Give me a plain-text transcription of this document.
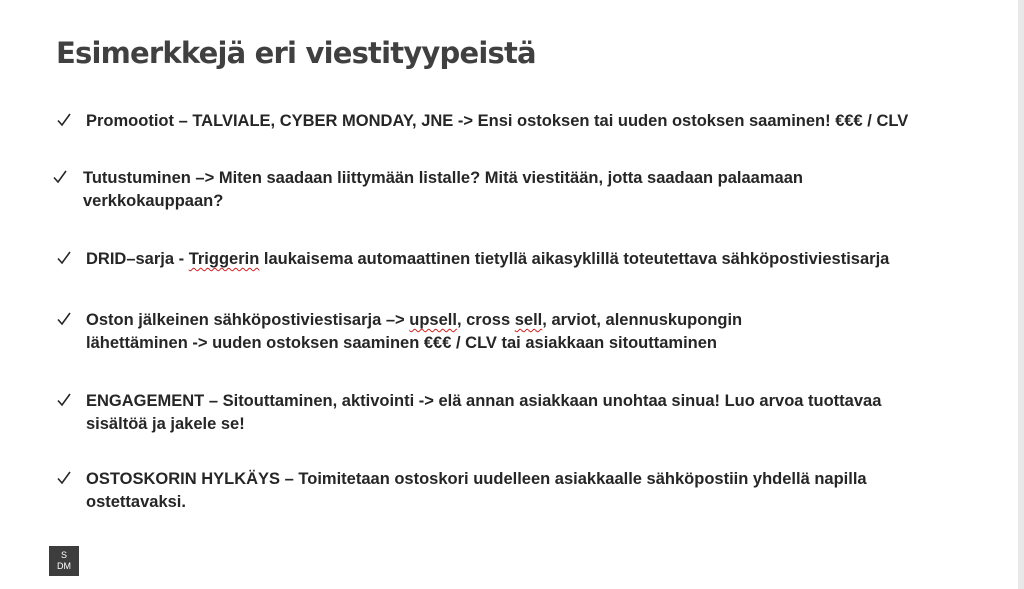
Esimerkkejä eri viestityypeistä
Promootiot – TALVIALE, CYBER MONDAY, JNE -> Ensi ostoksen tai uuden ostoksen saaminen! €€€ / CLV
Tutustuminen –> Miten saadaan liittymään listalle? Mitä viestitään, jotta saadaan palaamaan
verkkokauppaan?
DRID–sarja - Triggerin laukaisema automaattinen tietyllä aikasyklillä toteutettava sähköpostiviestisarja
Oston jälkeinen sähköpostiviestisarja –> upsell, cross sell, arviot, alennuskupongin
lähettäminen -> uuden ostoksen saaminen €€€ / CLV tai asiakkaan sitouttaminen
ENGAGEMENT – Sitouttaminen, aktivointi -> elä annan asiakkaan unohtaa sinua! Luo arvoa tuottavaa
sisältöä ja jakele se!
OSTOSKORIN HYLKÄYS – Toimitetaan ostoskori uudelleen asiakkaalle sähköpostiin yhdellä napilla
ostettavaksi.
S
DM
